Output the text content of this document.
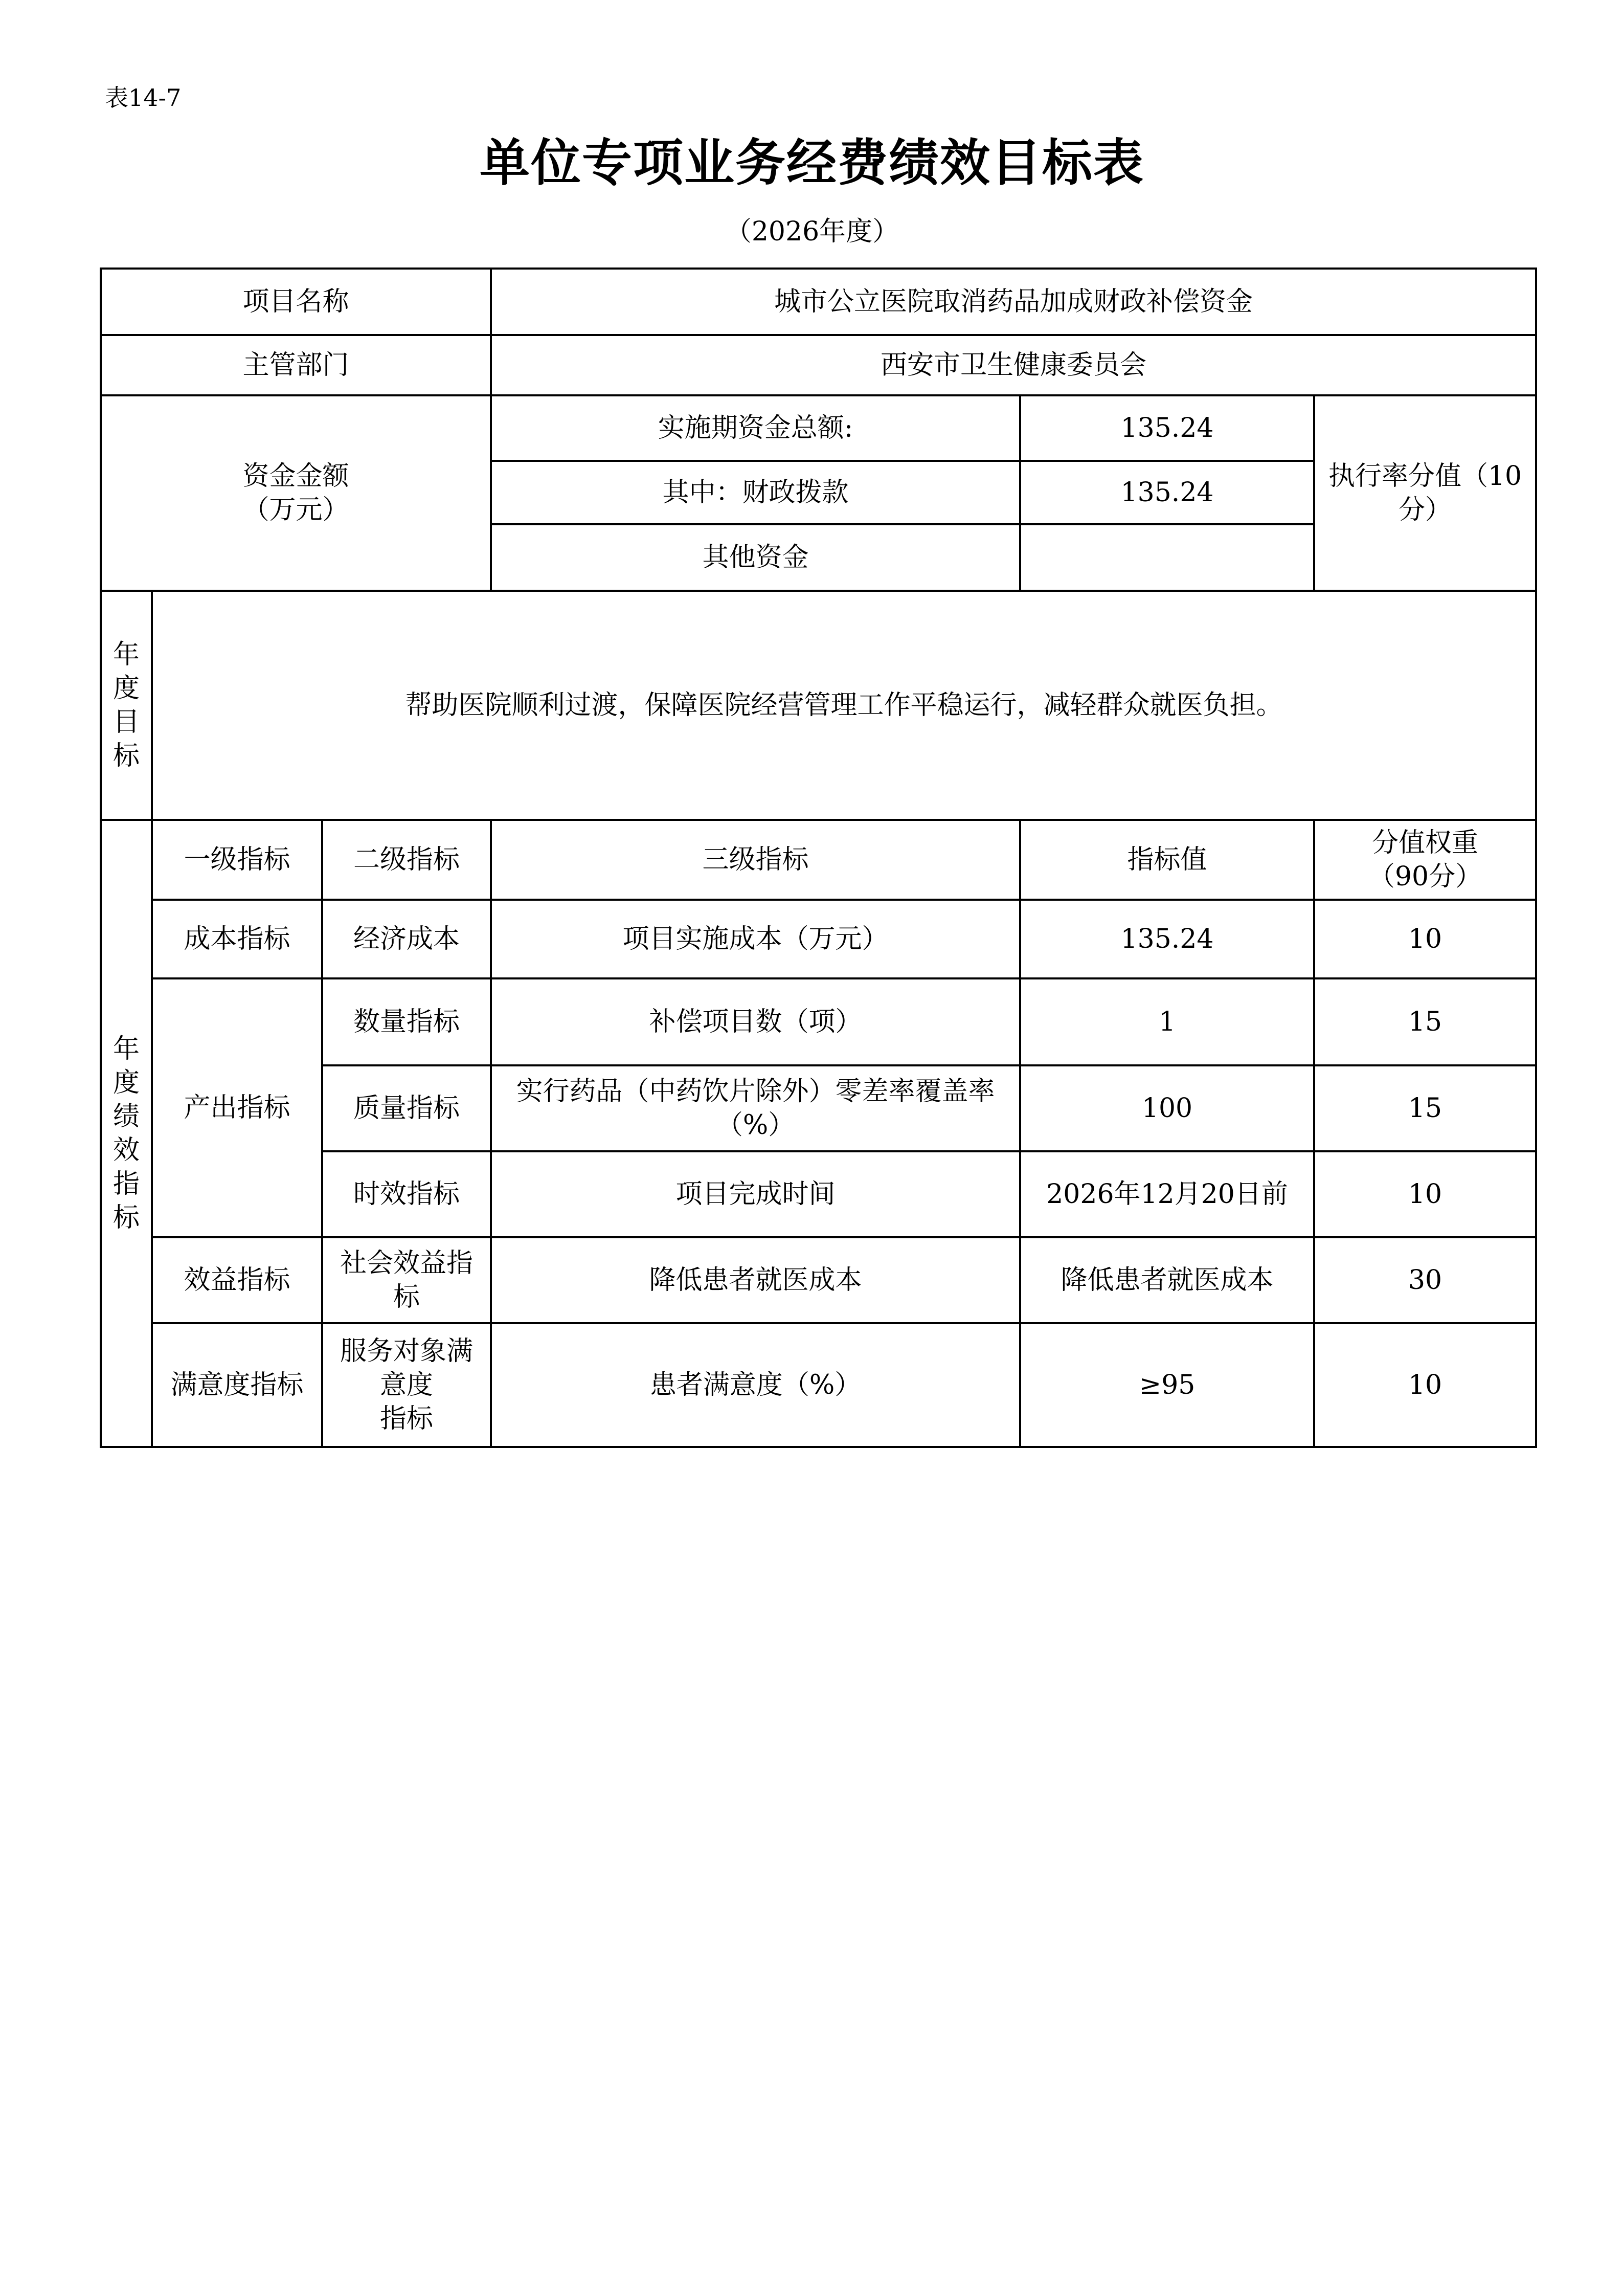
表14-7
单位专项业务经费绩效目标表
（2026年度）
项目名称			城市公立医院取消药品加成财政补偿资金		
主管部门			西安市卫生健康委员会		

资金金额
（万元）			实施期资金总额:	135.24	执行率分值（10分）
			其中：财政拨款	135.24	
			其他资金		
年度目标	帮助医院顺利过渡，保障医院经营管理工作平稳运行，减轻群众就医负担。				
年度绩效指标	一级指标	二级指标	三级指标	指标值	分值权重
（90分）

	成本指标	经济成本	项目实施成本（万元）	135.24	10
	产出指标	数量指标	补偿项目数（项）	1	15
		质量指标	实行药品（中药饮片除外）零差率覆盖率（%）	100	15
		时效指标	项目完成时间	2026年12月20日前	10
	效益指标	社会效益指标	降低患者就医成本	降低患者就医成本	30
	满意度指标	服务对象满意度
指标	患者满意度（%）	≥95	10
